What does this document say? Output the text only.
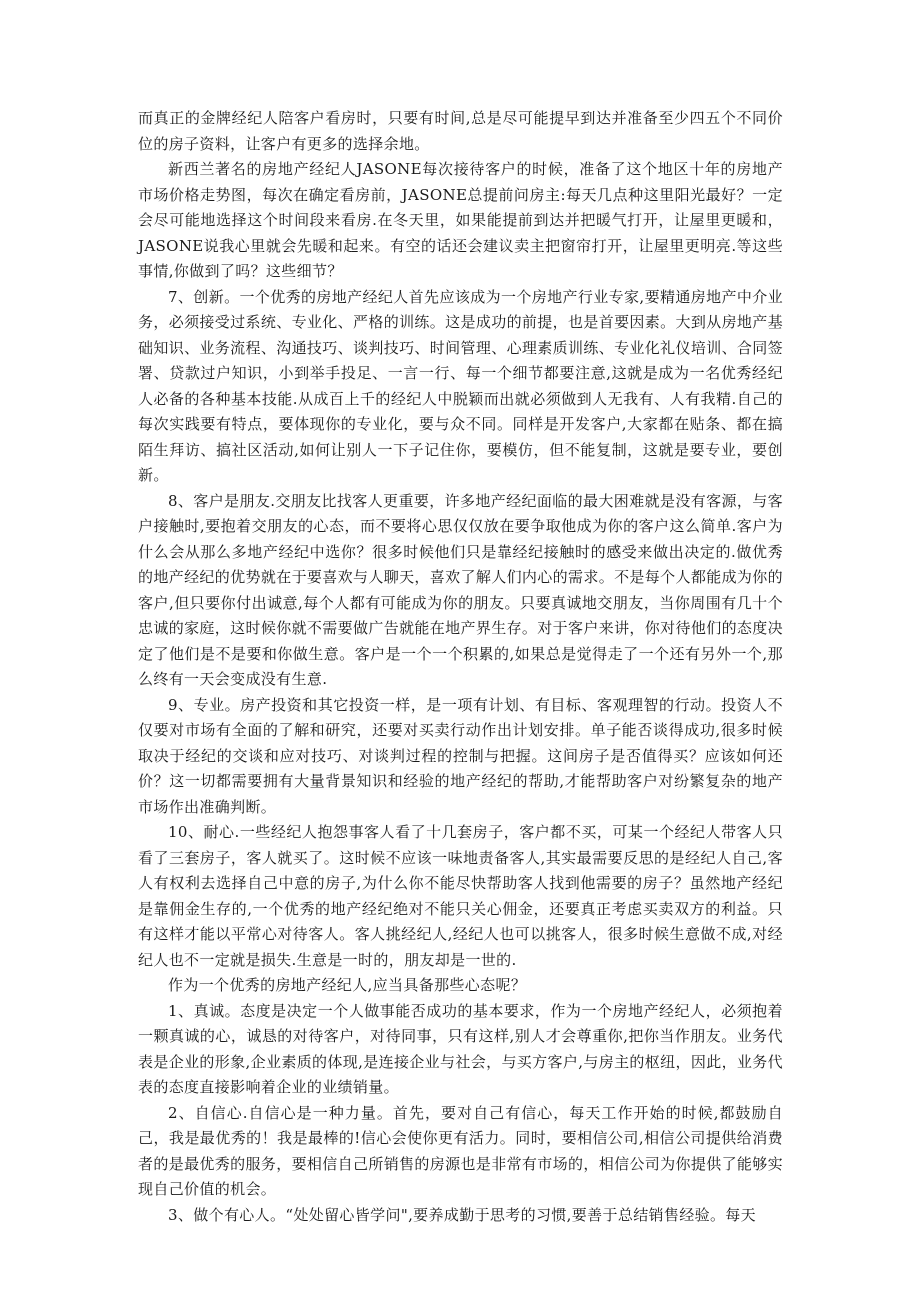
而真正的金牌经纪人陪客户看房时，只要有时间,总是尽可能提早到达并准备至少四五个不同价位的房子资料，让客户有更多的选择余地。

新西兰著名的房地产经纪人JASONE每次接待客户的时候，准备了这个地区十年的房地产市场价格走势图，每次在确定看房前，JASONE总提前问房主:每天几点种这里阳光最好？一定会尽可能地选择这个时间段来看房.在冬天里，如果能提前到达并把暖气打开，让屋里更暖和，JASONE说我心里就会先暖和起来。有空的话还会建议卖主把窗帘打开，让屋里更明亮.等这些事情,你做到了吗？这些细节？

7、创新。一个优秀的房地产经纪人首先应该成为一个房地产行业专家,要精通房地产中介业务，必须接受过系统、专业化、严格的训练。这是成功的前提，也是首要因素。大到从房地产基础知识、业务流程、沟通技巧、谈判技巧、时间管理、心理素质训练、专业化礼仪培训、合同签署、贷款过户知识，小到举手投足、一言一行、每一个细节都要注意,这就是成为一名优秀经纪人必备的各种基本技能.从成百上千的经纪人中脱颖而出就必须做到人无我有、人有我精.自己的每次实践要有特点，要体现你的专业化，要与众不同。同样是开发客户,大家都在贴条、都在搞陌生拜访、搞社区活动,如何让别人一下子记住你，要模仿，但不能复制，这就是要专业，要创新。

8、客户是朋友.交朋友比找客人更重要，许多地产经纪面临的最大困难就是没有客源，与客户接触时,要抱着交朋友的心态，而不要将心思仅仅放在要争取他成为你的客户这么简单.客户为什么会从那么多地产经纪中选你？很多时候他们只是靠经纪接触时的感受来做出决定的.做优秀的地产经纪的优势就在于要喜欢与人聊天，喜欢了解人们内心的需求。不是每个人都能成为你的客户,但只要你付出诚意,每个人都有可能成为你的朋友。只要真诚地交朋友，当你周围有几十个忠诚的家庭，这时候你就不需要做广告就能在地产界生存。对于客户来讲，你对待他们的态度决定了他们是不是要和你做生意。客户是一个一个积累的,如果总是觉得走了一个还有另外一个,那么终有一天会变成没有生意.

9、专业。房产投资和其它投资一样，是一项有计划、有目标、客观理智的行动。投资人不仅要对市场有全面的了解和研究，还要对买卖行动作出计划安排。单子能否谈得成功,很多时候取决于经纪的交谈和应对技巧、对谈判过程的控制与把握。这间房子是否值得买？应该如何还价？这一切都需要拥有大量背景知识和经验的地产经纪的帮助,才能帮助客户对纷繁复杂的地产市场作出准确判断。

10、耐心.一些经纪人抱怨事客人看了十几套房子，客户都不买，可某一个经纪人带客人只看了三套房子，客人就买了。这时候不应该一味地责备客人,其实最需要反思的是经纪人自己,客人有权利去选择自己中意的房子,为什么你不能尽快帮助客人找到他需要的房子？虽然地产经纪是靠佣金生存的,一个优秀的地产经纪绝对不能只关心佣金，还要真正考虑买卖双方的利益。只有这样才能以平常心对待客人。客人挑经纪人,经纪人也可以挑客人，很多时候生意做不成,对经纪人也不一定就是损失.生意是一时的，朋友却是一世的.

作为一个优秀的房地产经纪人,应当具备那些心态呢？

1、真诚。态度是决定一个人做事能否成功的基本要求，作为一个房地产经纪人，必须抱着一颗真诚的心，诚恳的对待客户，对待同事，只有这样,别人才会尊重你,把你当作朋友。业务代表是企业的形象,企业素质的体现,是连接企业与社会，与买方客户,与房主的枢纽，因此，业务代表的态度直接影响着企业的业绩销量。

2、自信心.自信心是一种力量。首先，要对自己有信心，每天工作开始的时候,都鼓励自己，我是最优秀的！我是最棒的!信心会使你更有活力。同时，要相信公司,相信公司提供给消费者的是最优秀的服务，要相信自己所销售的房源也是非常有市场的，相信公司为你提供了能够实现自己价值的机会。

3、做个有心人。“处处留心皆学问",要养成勤于思考的习惯,要善于总结销售经验。每天
